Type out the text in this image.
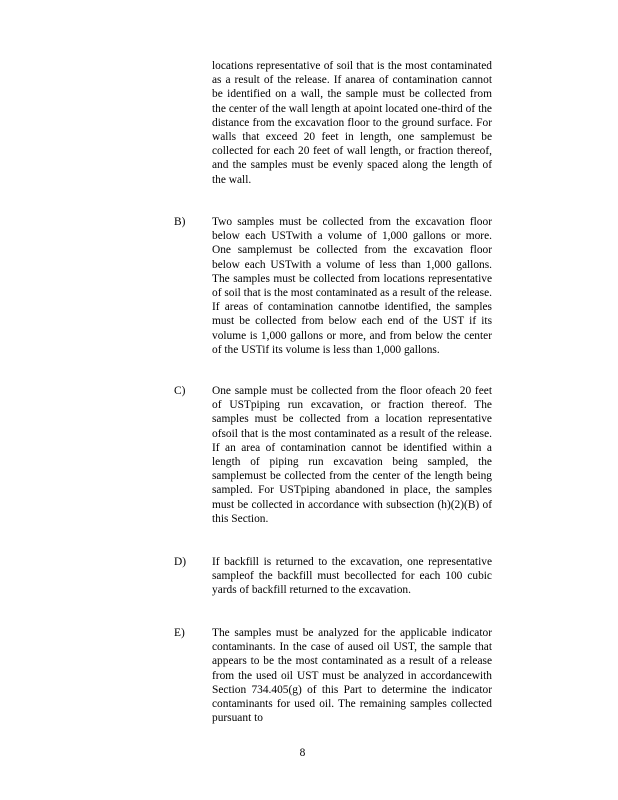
locations representative of soil that is the most contaminated as a result of the release. If anarea of contamination cannot be identified on a wall, the sample must be collected from the center of the wall length at apoint located one-third of the distance from the excavation floor to the ground surface. For walls that exceed 20 feet in length, one samplemust be collected for each 20 feet of wall length, or fraction thereof, and the samples must be evenly spaced along the length of the wall.
B) Two samples must be collected from the excavation floor below each USTwith a volume of 1,000 gallons or more. One samplemust be collected from the excavation floor below each USTwith a volume of less than 1,000 gallons. The samples must be collected from locations representative of soil that is the most contaminated as a result of the release. If areas of contamination cannotbe identified, the samples must be collected from below each end of the UST if its volume is 1,000 gallons or more, and from below the center of the USTif its volume is less than 1,000 gallons.
C) One sample must be collected from the floor ofeach 20 feet of USTpiping run excavation, or fraction thereof. The samples must be collected from a location representative ofsoil that is the most contaminated as a result of the release. If an area of contamination cannot be identified within a length of piping run excavation being sampled, the samplemust be collected from the center of the length being sampled. For USTpiping abandoned in place, the samples must be collected in accordance with subsection (h)(2)(B) of this Section.
D) If backfill is returned to the excavation, one representative sampleof the backfill must becollected for each 100 cubic yards of backfill returned to the excavation.
E) The samples must be analyzed for the applicable indicator contaminants. In the case of aused oil UST, the sample that appears to be the most contaminated as a result of a release from the used oil UST must be analyzed in accordancewith Section 734.405(g) of this Part to determine the indicator contaminants for used oil. The remaining samples collected pursuant to
8
